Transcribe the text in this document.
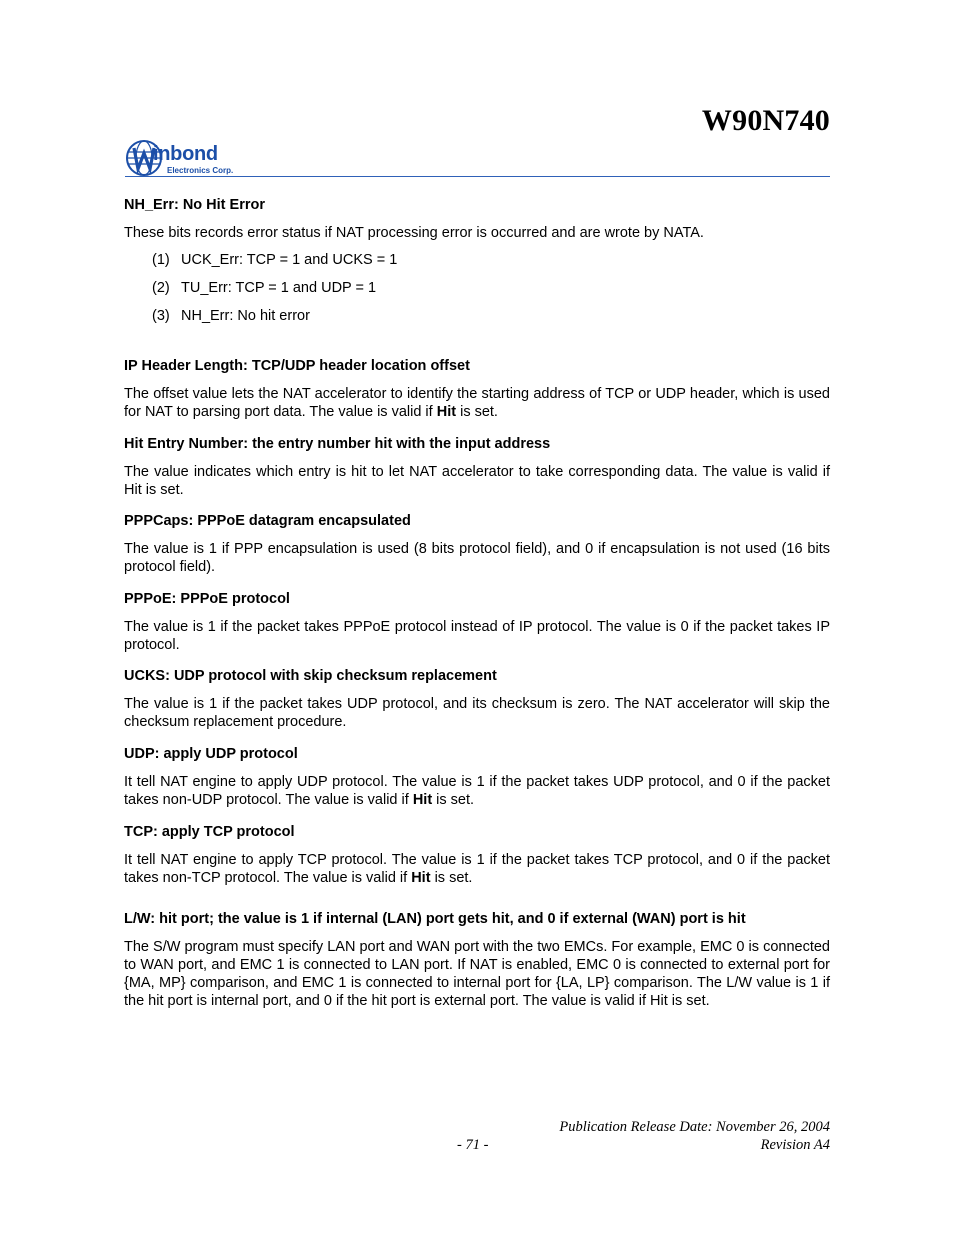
W90N740
inbond
Electronics Corp.

NH_Err: No Hit Error

These bits records error status if NAT processing error is occurred and are wrote by NATA.

(1) UCK_Err: TCP = 1 and UCKS = 1

(2) TU_Err: TCP = 1 and UDP = 1

(3) NH_Err: No hit error

IP Header Length: TCP/UDP header location offset

The offset value lets the NAT accelerator to identify the starting address of TCP or UDP header, which is used for NAT to parsing port data. The value is valid if Hit is set.

Hit Entry Number: the entry number hit with the input address

The value indicates which entry is hit to let NAT accelerator to take corresponding data. The value is valid if Hit is set.

PPPCaps: PPPoE datagram encapsulated

The value is 1 if PPP encapsulation is used (8 bits protocol field), and 0 if encapsulation is not used (16 bits protocol field).

PPPoE: PPPoE protocol

The value is 1 if the packet takes PPPoE protocol instead of IP protocol. The value is 0 if the packet takes IP protocol.

UCKS: UDP protocol with skip checksum replacement

The value is 1 if the packet takes UDP protocol, and its checksum is zero. The NAT accelerator will skip the checksum replacement procedure.

UDP: apply UDP protocol

It tell NAT engine to apply UDP protocol. The value is 1 if the packet takes UDP protocol, and 0 if the packet takes non-UDP protocol. The value is valid if Hit is set.

TCP: apply TCP protocol

It tell NAT engine to apply TCP protocol. The value is 1 if the packet takes TCP protocol, and 0 if the packet takes non-TCP protocol. The value is valid if Hit is set.

L/W: hit port; the value is 1 if internal (LAN) port gets hit, and 0 if external (WAN) port is hit

The S/W program must specify LAN port and WAN port with the two EMCs. For example, EMC 0 is connected to WAN port, and EMC 1 is connected to LAN port. If NAT is enabled, EMC 0 is connected to external port for {MA, MP} comparison, and EMC 1 is connected to internal port for {LA, LP} comparison. The L/W value is 1 if the hit port is internal port, and 0 if the hit port is external port. The value is valid if Hit is set.

Publication Release Date: November 26, 2004
- 71 -	Revision A4
